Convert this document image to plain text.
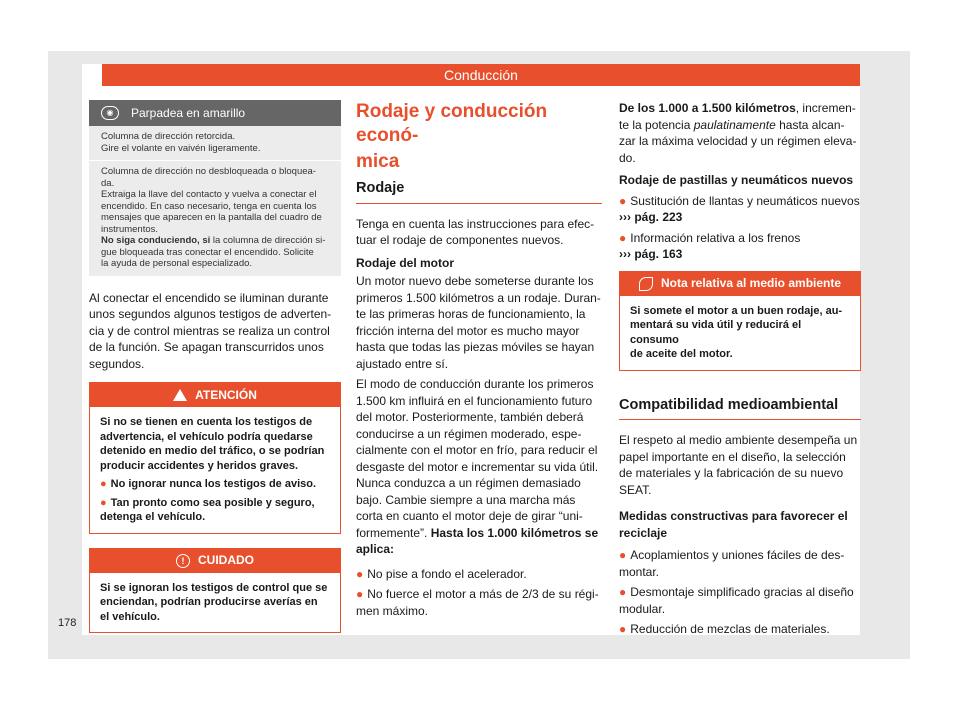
Conducción
◉	Parpadea en amarillo
Columna de dirección retorcida.
Gire el volante en vaivén ligeramente.
Columna de dirección no desbloqueada o bloquea-
da.
Extraiga la llave del contacto y vuelva a conectar el
encendido. En caso necesario, tenga en cuenta los
mensajes que aparecen en la pantalla del cuadro de
instrumentos.
No siga conduciendo, si la columna de dirección si-
gue bloqueada tras conectar el encendido. Solicite
la ayuda de personal especializado.
Al conectar el encendido se iluminan durante
unos segundos algunos testigos de adverten-
cia y de control mientras se realiza un control
de la función. Se apagan transcurridos unos
segundos.
ATENCIÓN
Si no se tienen en cuenta los testigos de
advertencia, el vehículo podría quedarse
detenido en medio del tráfico, o se podrían
producir accidentes y heridos graves.
● No ignorar nunca los testigos de aviso.
● Tan pronto como sea posible y seguro,
detenga el vehículo.
!	CUIDADO
Si se ignoran los testigos de control que se
enciendan, podrían producirse averías en
el vehículo.
Rodaje y conducción econó-
mica
Rodaje
Tenga en cuenta las instrucciones para efec-
tuar el rodaje de componentes nuevos.
Rodaje del motor
Un motor nuevo debe someterse durante los
primeros 1.500 kilómetros a un rodaje. Duran-
te las primeras horas de funcionamiento, la
fricción interna del motor es mucho mayor
hasta que todas las piezas móviles se hayan
ajustado entre sí.
El modo de conducción durante los primeros
1.500 km influirá en el funcionamiento futuro
del motor. Posteriormente, también deberá
conducirse a un régimen moderado, espe-
cialmente con el motor en frío, para reducir el
desgaste del motor e incrementar su vida útil.
Nunca conduzca a un régimen demasiado
bajo. Cambie siempre a una marcha más
corta en cuanto el motor deje de girar “uni-
formemente”. Hasta los 1.000 kilómetros se
aplica:
● No pise a fondo el acelerador.
● No fuerce el motor a más de 2/3 de su régi-
men máximo.
De los 1.000 a 1.500 kilómetros, incremen-
te la potencia paulatinamente hasta alcan-
zar la máxima velocidad y un régimen eleva-
do.
Rodaje de pastillas y neumáticos nuevos
● Sustitución de llantas y neumáticos nuevos
››› pág. 223
● Información relativa a los frenos
››› pág. 163
Nota relativa al medio ambiente
Si somete el motor a un buen rodaje, au-
mentará su vida útil y reducirá el consumo
de aceite del motor.
Compatibilidad medioambiental
El respeto al medio ambiente desempeña un
papel importante en el diseño, la selección
de materiales y la fabricación de su nuevo
SEAT.
Medidas constructivas para favorecer el
reciclaje
● Acoplamientos y uniones fáciles de des-
montar.
● Desmontaje simplificado gracias al diseño
modular.
● Reducción de mezclas de materiales.
178
